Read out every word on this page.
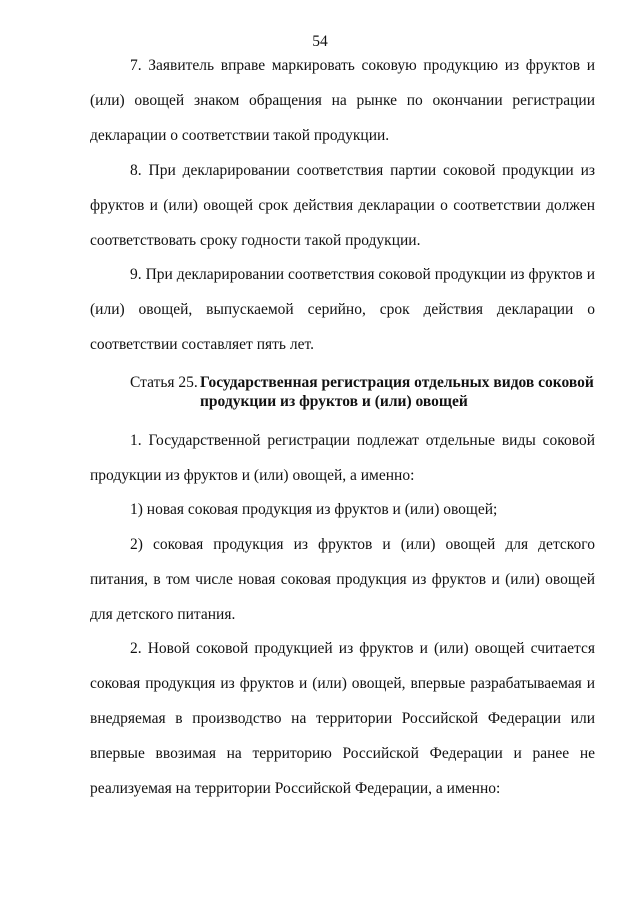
54

7. Заявитель вправе маркировать соковую продукцию из фруктов и (или) овощей знаком обращения на рынке по окончании регистрации декларации о соответствии такой продукции.

8. При декларировании соответствия партии соковой продукции из фруктов и (или) овощей срок действия декларации о соответствии должен соответствовать сроку годности такой продукции.

9. При декларировании соответствия соковой продукции из фруктов и (или) овощей, выпускаемой серийно, срок действия декларации о соответствии составляет пять лет.

Статья 25. Государственная регистрация отдельных видов соковой
продукции из фруктов и (или) овощей

1. Государственной регистрации подлежат отдельные виды соковой продукции из фруктов и (или) овощей, а именно:

1) новая соковая продукция из фруктов и (или) овощей;

2) соковая продукция из фруктов и (или) овощей для детского питания, в том числе новая соковая продукция из фруктов и (или) овощей для детского питания.

2. Новой соковой продукцией из фруктов и (или) овощей считается соковая продукция из фруктов и (или) овощей, впервые разрабатываемая и внедряемая в производство на территории Российской Федерации или впервые ввозимая на территорию Российской Федерации и ранее не реализуемая на территории Российской Федерации, а именно:
